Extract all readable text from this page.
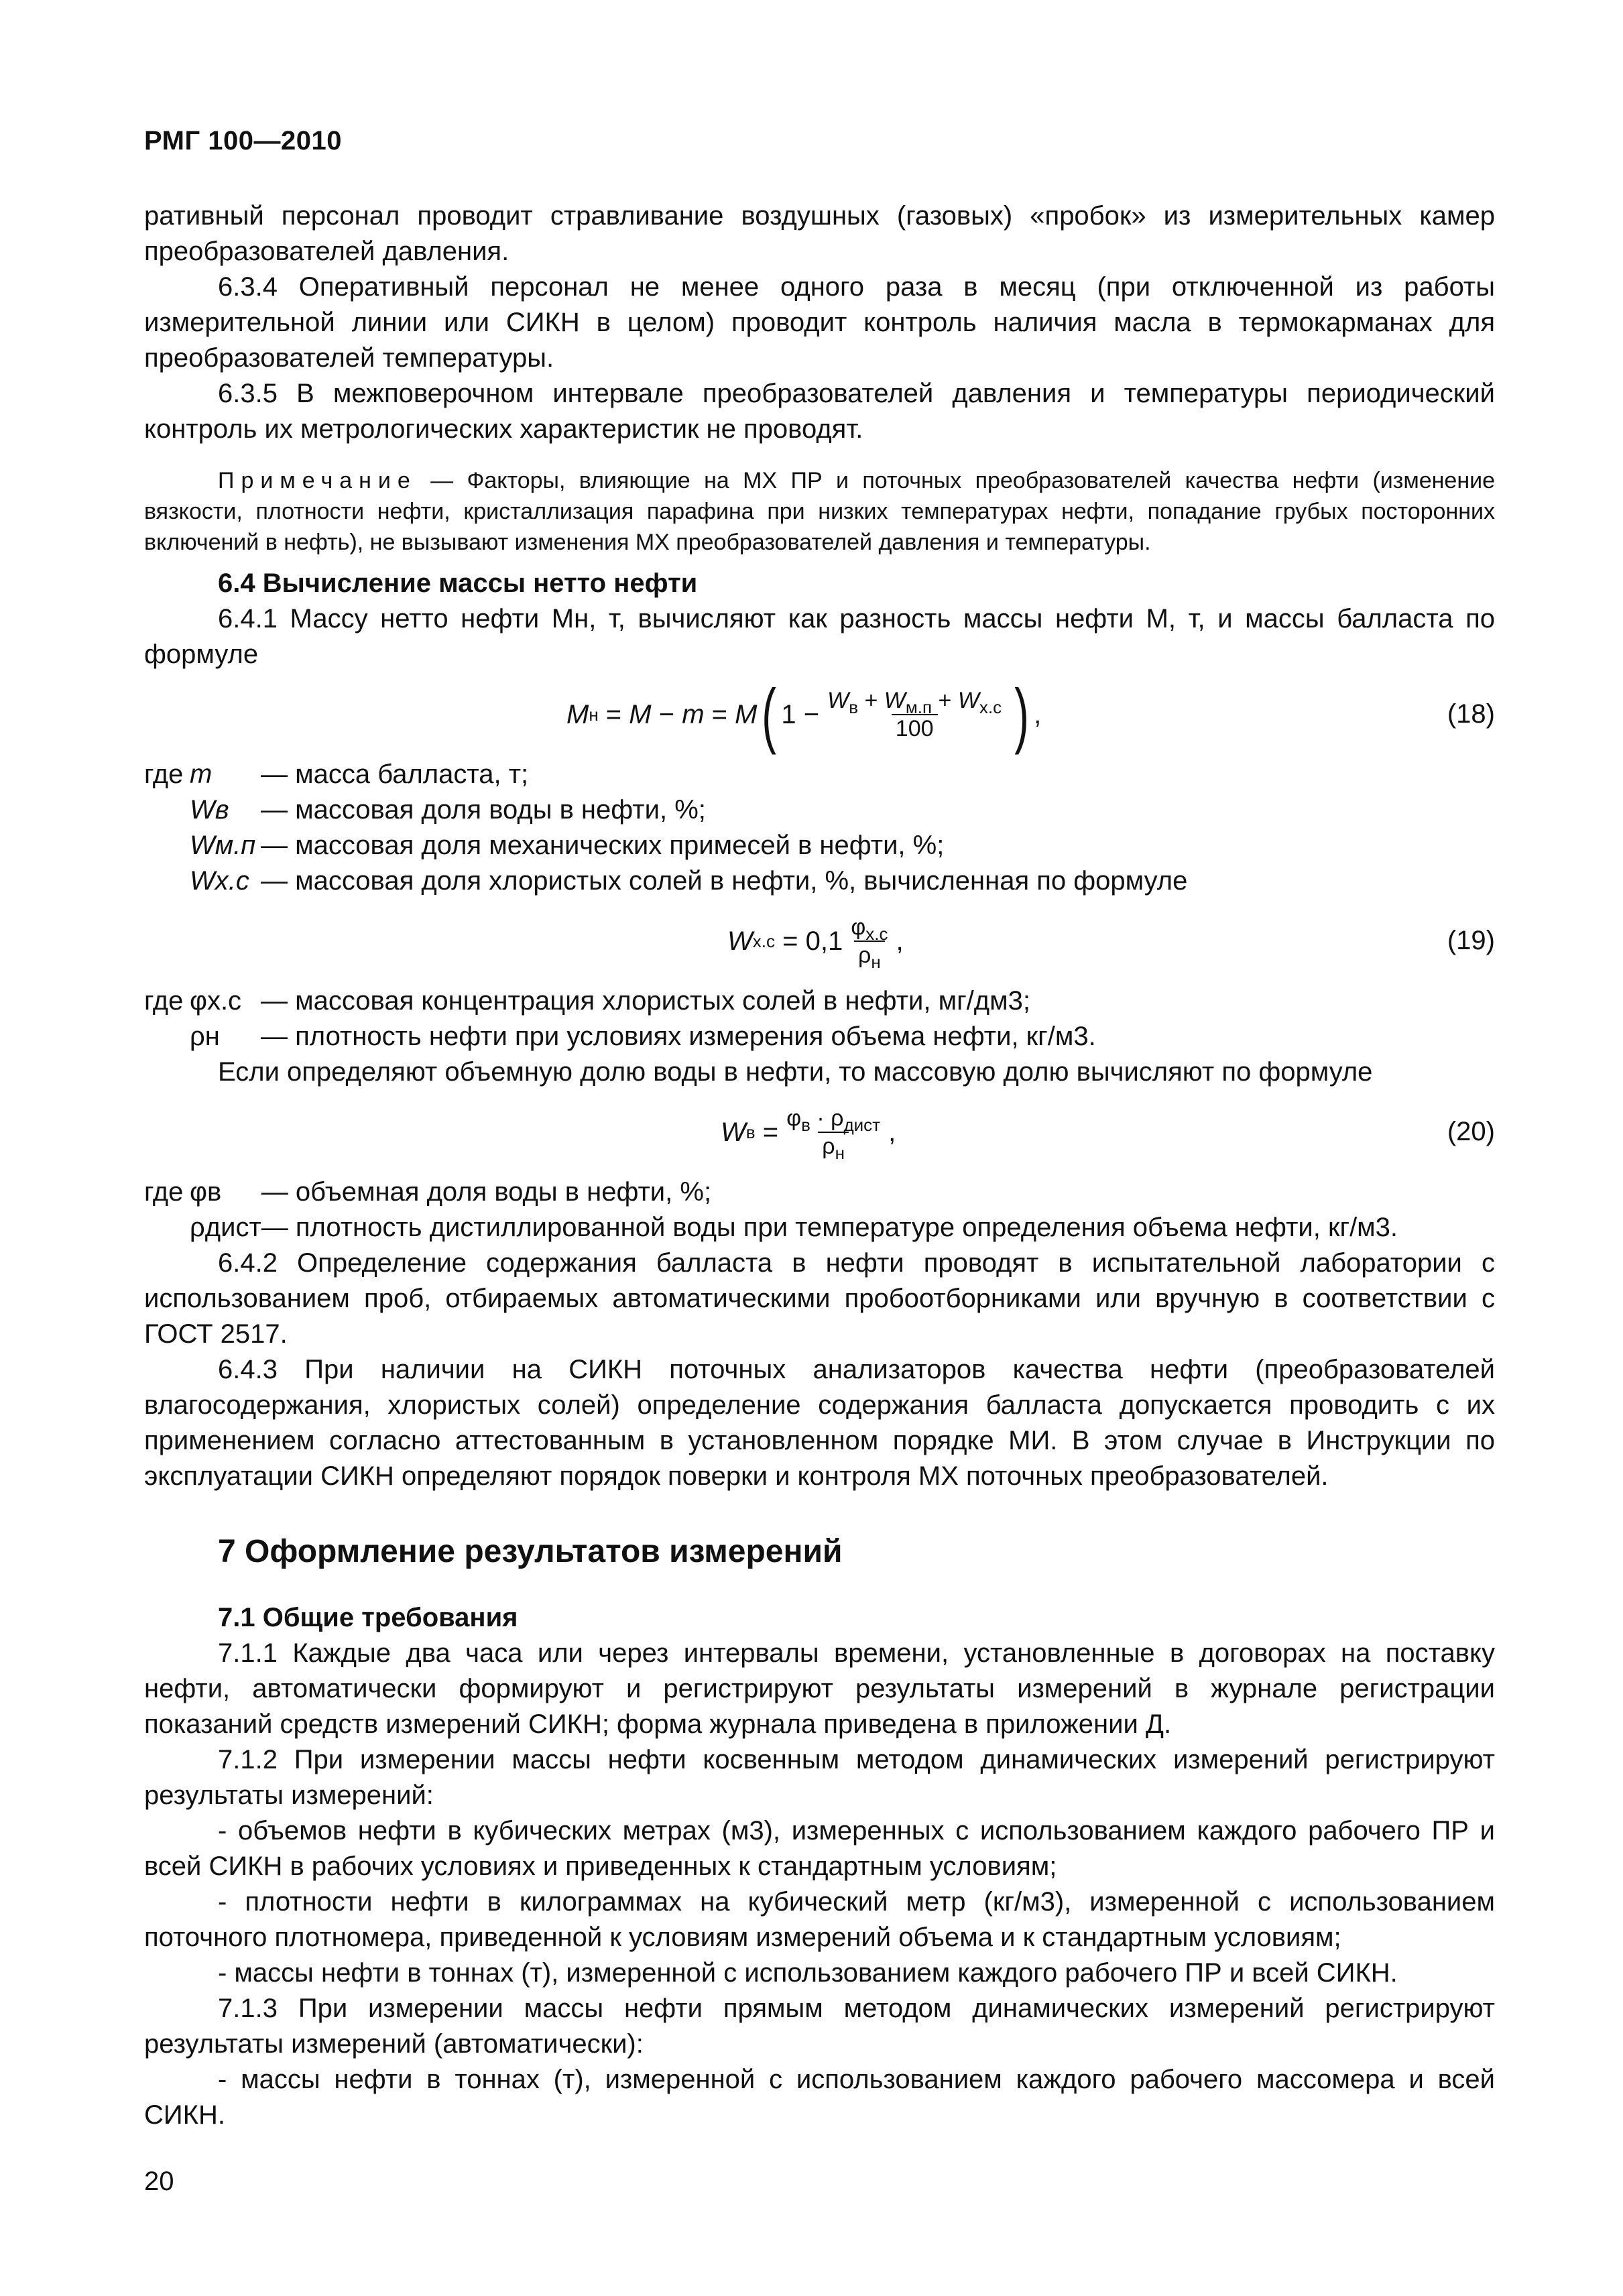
РМГ 100—2010

ративный персонал проводит стравливание воздушных (газовых) «пробок» из измерительных камер преобразователей давления.

6.3.4 Оперативный персонал не менее одного раза в месяц (при отключенной из работы измерительной линии или СИКН в целом) проводит контроль наличия масла в термокарманах для преобразователей температуры.

6.3.5 В межповерочном интервале преобразователей давления и температуры периодический контроль их метрологических характеристик не проводят.

Примечание — Факторы, влияющие на МХ ПР и поточных преобразователей качества нефти (изменение вязкости, плотности нефти, кристаллизация парафина при низких температурах нефти, попадание грубых посторонних включений в нефть), не вызывают изменения МХ преобразователей давления и температуры.

6.4 Вычисление массы нетто нефти

6.4.1 Массу нетто нефти Мн, т, вычисляют как разность массы нефти М, т, и массы балласта по формуле

M н = M − m = M ( $1 - \frac{W_в + W_{м.п} + W_{х.с}}{100}$ ) ,	(18)
где	m	— масса балласта, т;
	Wв	— массовая доля воды в нефти, %;
	Wм.п	— массовая доля механических примесей в нефти, %;
	Wх.с	— массовая доля хлористых солей в нефти, %, вычисленная по формуле
W $х.с = 0,1 \frac{\varphi_{х.с}}{\rho_н}$ ,	(19)
где	φх.с	— массовая концентрация хлористых солей в нефти, мг/дм3;
	ρн	— плотность нефти при условиях измерения объема нефти, кг/м3.

Если определяют объемную долю воды в нефти, то массовую долю вычисляют по формуле

W $в = \frac{\varphi_в \cdot \rho_{дист}}{\rho_н}$ ,	(20)
где	φв	— объемная доля воды в нефти, %;
	ρдист	— плотность дистиллированной воды при температуре определения объема нефти, кг/м3.

6.4.2 Определение содержания балласта в нефти проводят в испытательной лаборатории с использованием проб, отбираемых автоматическими пробоотборниками или вручную в соответствии с ГОСТ 2517.

6.4.3 При наличии на СИКН поточных анализаторов качества нефти (преобразователей влагосодержания, хлористых солей) определение содержания балласта допускается проводить с их применением согласно аттестованным в установленном порядке МИ. В этом случае в Инструкции по эксплуатации СИКН определяют порядок поверки и контроля МХ поточных преобразователей.

7 Оформление результатов измерений

7.1 Общие требования

7.1.1 Каждые два часа или через интервалы времени, установленные в договорах на поставку нефти, автоматически формируют и регистрируют результаты измерений в журнале регистрации показаний средств измерений СИКН; форма журнала приведена в приложении Д.

7.1.2 При измерении массы нефти косвенным методом динамических измерений регистрируют результаты измерений:

- объемов нефти в кубических метрах (м3), измеренных с использованием каждого рабочего ПР и всей СИКН в рабочих условиях и приведенных к стандартным условиям;

- плотности нефти в килограммах на кубический метр (кг/м3), измеренной с использованием поточного плотномера, приведенной к условиям измерений объема и к стандартным условиям;

- массы нефти в тоннах (т), измеренной с использованием каждого рабочего ПР и всей СИКН.

7.1.3 При измерении массы нефти прямым методом динамических измерений регистрируют результаты измерений (автоматически):

- массы нефти в тоннах (т), измеренной с использованием каждого рабочего массомера и всей СИКН.

20
